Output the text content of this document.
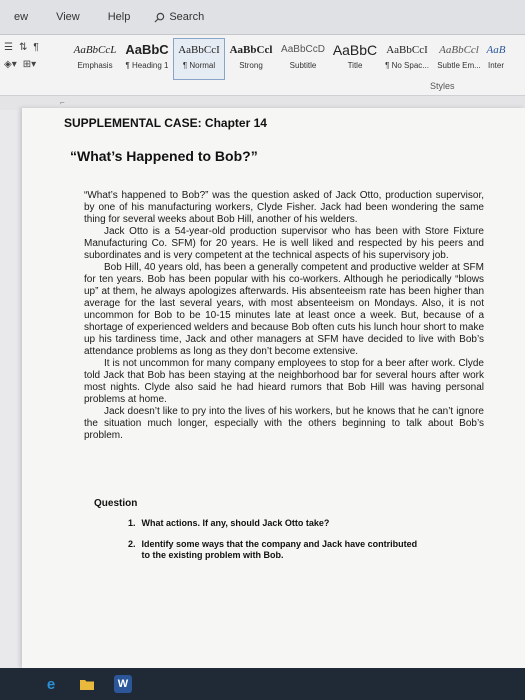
ew	View	Help	Search
☰ ⇅ ¶
◈▾ ⊞▾
AaBbCcL
Emphasis
AaBbC
¶ Heading 1
AaBbCcI
¶ Normal
AaBbCcl
Strong
AaBbCcD
Subtitle
AaBbC
Title
AaBbCcI
¶ No Spac...
AaBbCcl
Subtle Em...
AaB
Inter
Styles
⌐
SUPPLEMENTAL CASE: Chapter 14
“What’s Happened to Bob?”

“What’s happened to Bob?” was the question asked of Jack Otto, production supervisor, by one of his manufacturing workers, Clyde Fisher. Jack had been wondering the same thing for several weeks about Bob Hill, another of his welders.

Jack Otto is a 54-year-old production supervisor who has been with Store Fixture Manufacturing Co. SFM) for 20 years. He is well liked and respected by his peers and subordinates and is very competent at the technical aspects of his supervisory job.

Bob Hill, 40 years old, has been a generally competent and productive welder at SFM for ten years. Bob has been popular with his co-workers. Although he periodically “blows up” at them, he always apologizes afterwards. His absenteeism rate has been higher than average for the last several years, with most absenteeism on Mondays. Also, it is not uncommon for Bob to be 10-15 minutes late at least once a week. But, because of a shortage of experienced welders and because Bob often cuts his lunch hour short to make up his tardiness time, Jack and other managers at SFM have decided to live with Bob’s attendance problems as long as they don’t become extensive.

It is not uncommon for many company employees to stop for a beer after work. Clyde told Jack that Bob has been staying at the neighborhood bar for several hours after work most nights. Clyde also said he had hieard rumors that Bob Hill was having personal problems at home.

Jack doesn’t like to pry into the lives of his workers, but he knows that he can’t ignore the situation much longer, especially with the others beginning to talk about Bob’s problem.

Question
1. What actions. If any, should Jack Otto take?
2. Identify some ways that the company and Jack have contributed to the existing problem with Bob.
e	W
